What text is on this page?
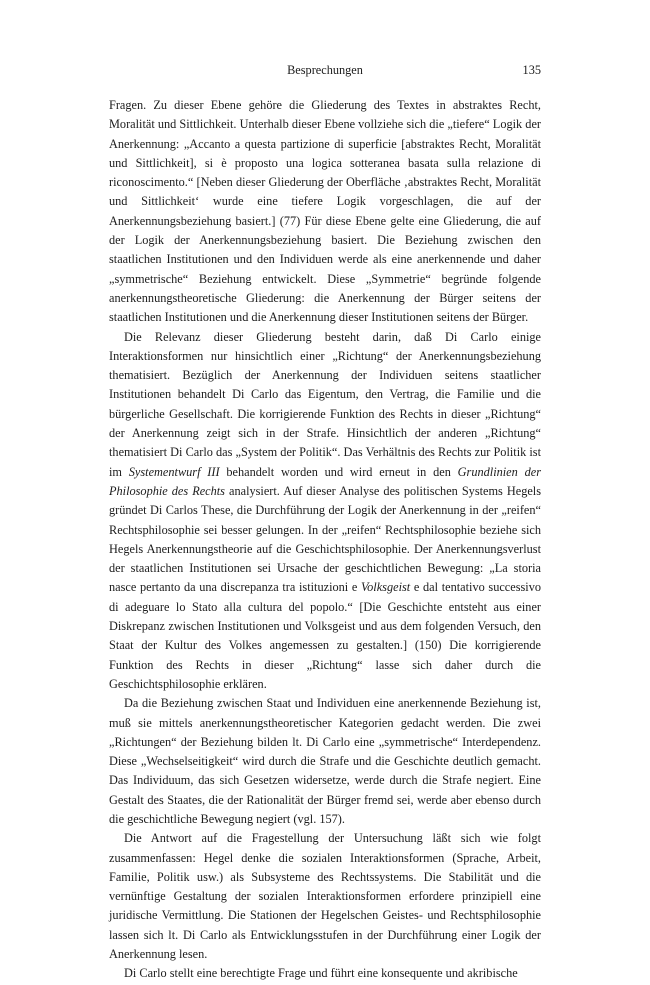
Besprechungen	135

Fragen. Zu dieser Ebene gehöre die Gliederung des Textes in abstraktes Recht, Moralität und Sittlichkeit. Unterhalb dieser Ebene vollziehe sich die „tiefere“ Logik der Anerkennung: „Accanto a questa partizione di superficie [abstraktes Recht, Moralität und Sittlichkeit], si è proposto una logica sotteranea basata sulla relazione di riconoscimento.“ [Neben dieser Gliederung der Oberfläche ‚abstraktes Recht, Moralität und Sittlichkeit‘ wurde eine tiefere Logik vorgeschlagen, die auf der Anerkennungsbeziehung basiert.] (77) Für diese Ebene gelte eine Gliederung, die auf der Logik der Anerkennungsbeziehung basiert. Die Beziehung zwischen den staatlichen Institutionen und den Individuen werde als eine anerkennende und daher „symmetrische“ Beziehung entwickelt. Diese „Symmetrie“ begründe folgende anerkennungstheoretische Gliederung: die Anerkennung der Bürger seitens der staatlichen Institutionen und die Anerkennung dieser Institutionen seitens der Bürger.

Die Relevanz dieser Gliederung besteht darin, daß Di Carlo einige Interaktionsformen nur hinsichtlich einer „Richtung“ der Anerkennungsbeziehung thematisiert. Bezüglich der Anerkennung der Individuen seitens staatlicher Institutionen behandelt Di Carlo das Eigentum, den Vertrag, die Familie und die bürgerliche Gesellschaft. Die korrigierende Funktion des Rechts in dieser „Richtung“ der Anerkennung zeigt sich in der Strafe. Hinsichtlich der anderen „Richtung“ thematisiert Di Carlo das „System der Politik“. Das Verhältnis des Rechts zur Politik ist im Systementwurf III behandelt worden und wird erneut in den Grundlinien der Philosophie des Rechts analysiert. Auf dieser Analyse des politischen Systems Hegels gründet Di Carlos These, die Durchführung der Logik der Anerkennung in der „reifen“ Rechtsphilosophie sei besser gelungen. In der „reifen“ Rechtsphilosophie beziehe sich Hegels Anerkennungstheorie auf die Geschichtsphilosophie. Der Anerkennungsverlust der staatlichen Institutionen sei Ursache der geschichtlichen Bewegung: „La storia nasce pertanto da una discrepanza tra istituzioni e Volksgeist e dal tentativo successivo di adeguare lo Stato alla cultura del popolo.“ [Die Geschichte entsteht aus einer Diskrepanz zwischen Institutionen und Volksgeist und aus dem folgenden Versuch, den Staat der Kultur des Volkes angemessen zu gestalten.] (150) Die korrigierende Funktion des Rechts in dieser „Richtung“ lasse sich daher durch die Geschichtsphilosophie erklären.

Da die Beziehung zwischen Staat und Individuen eine anerkennende Beziehung ist, muß sie mittels anerkennungstheoretischer Kategorien gedacht werden. Die zwei „Richtungen“ der Beziehung bilden lt. Di Carlo eine „symmetrische“ Interdependenz. Diese „Wechselseitigkeit“ wird durch die Strafe und die Geschichte deutlich gemacht. Das Individuum, das sich Gesetzen widersetze, werde durch die Strafe negiert. Eine Gestalt des Staates, die der Rationalität der Bürger fremd sei, werde aber ebenso durch die geschichtliche Bewegung negiert (vgl. 157).

Die Antwort auf die Fragestellung der Untersuchung läßt sich wie folgt zusammenfassen: Hegel denke die sozialen Interaktionsformen (Sprache, Arbeit, Familie, Politik usw.) als Subsysteme des Rechtssystems. Die Stabilität und die vernünftige Gestaltung der sozialen Interaktionsformen erfordere prinzipiell eine juridische Vermittlung. Die Stationen der Hegelschen Geistes- und Rechtsphilosophie lassen sich lt. Di Carlo als Entwicklungsstufen in der Durchführung einer Logik der Anerkennung lesen.

Di Carlo stellt eine berechtigte Frage und führt eine konsequente und akribische
